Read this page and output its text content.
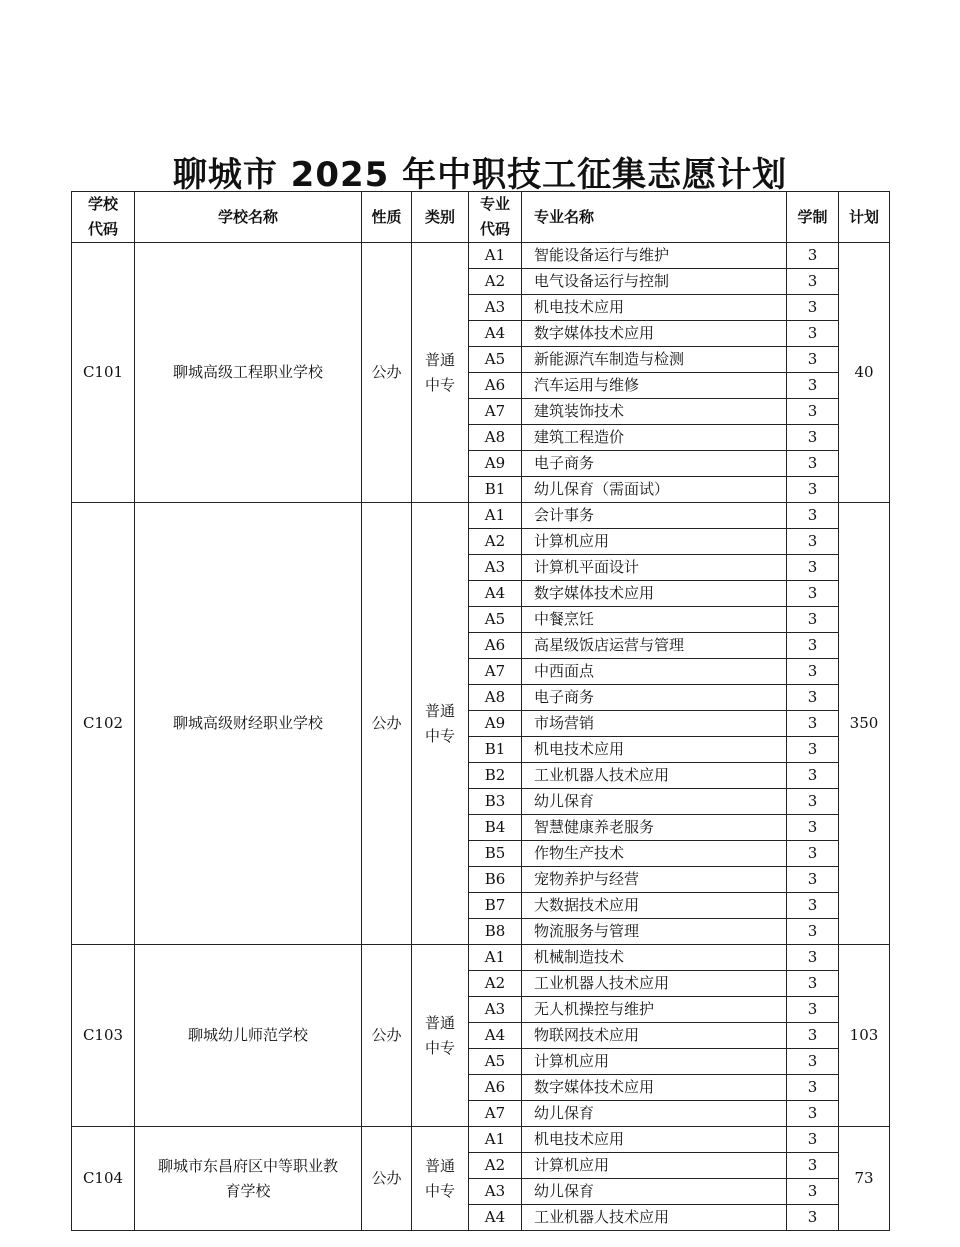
聊城市 2025 年中职技工征集志愿计划
学校代码	学校名称	性质	类别	专业代码	专业名称	学制	计划
C101	聊城高级工程职业学校	公办	普通中专	A1	智能设备运行与维护	3	40
				A2	电气设备运行与控制	3	
				A3	机电技术应用	3	
				A4	数字媒体技术应用	3	
				A5	新能源汽车制造与检测	3	
				A6	汽车运用与维修	3	
				A7	建筑装饰技术	3	
				A8	建筑工程造价	3	
				A9	电子商务	3	
				B1	幼儿保育（需面试）	3	
C102	聊城高级财经职业学校	公办	普通中专	A1	会计事务	3	350
				A2	计算机应用	3	
				A3	计算机平面设计	3	
				A4	数字媒体技术应用	3	
				A5	中餐烹饪	3	
				A6	高星级饭店运营与管理	3	
				A7	中西面点	3	
				A8	电子商务	3	
				A9	市场营销	3	
				B1	机电技术应用	3	
				B2	工业机器人技术应用	3	
				B3	幼儿保育	3	
				B4	智慧健康养老服务	3	
				B5	作物生产技术	3	
				B6	宠物养护与经营	3	
				B7	大数据技术应用	3	
				B8	物流服务与管理	3	
C103	聊城幼儿师范学校	公办	普通中专	A1	机械制造技术	3	103
				A2	工业机器人技术应用	3	
				A3	无人机操控与维护	3	
				A4	物联网技术应用	3	
				A5	计算机应用	3	
				A6	数字媒体技术应用	3	
				A7	幼儿保育	3	
C104	聊城市东昌府区中等职业教育学校	公办	普通中专	A1	机电技术应用	3	73
				A2	计算机应用	3	
				A3	幼儿保育	3	
				A4	工业机器人技术应用	3	
